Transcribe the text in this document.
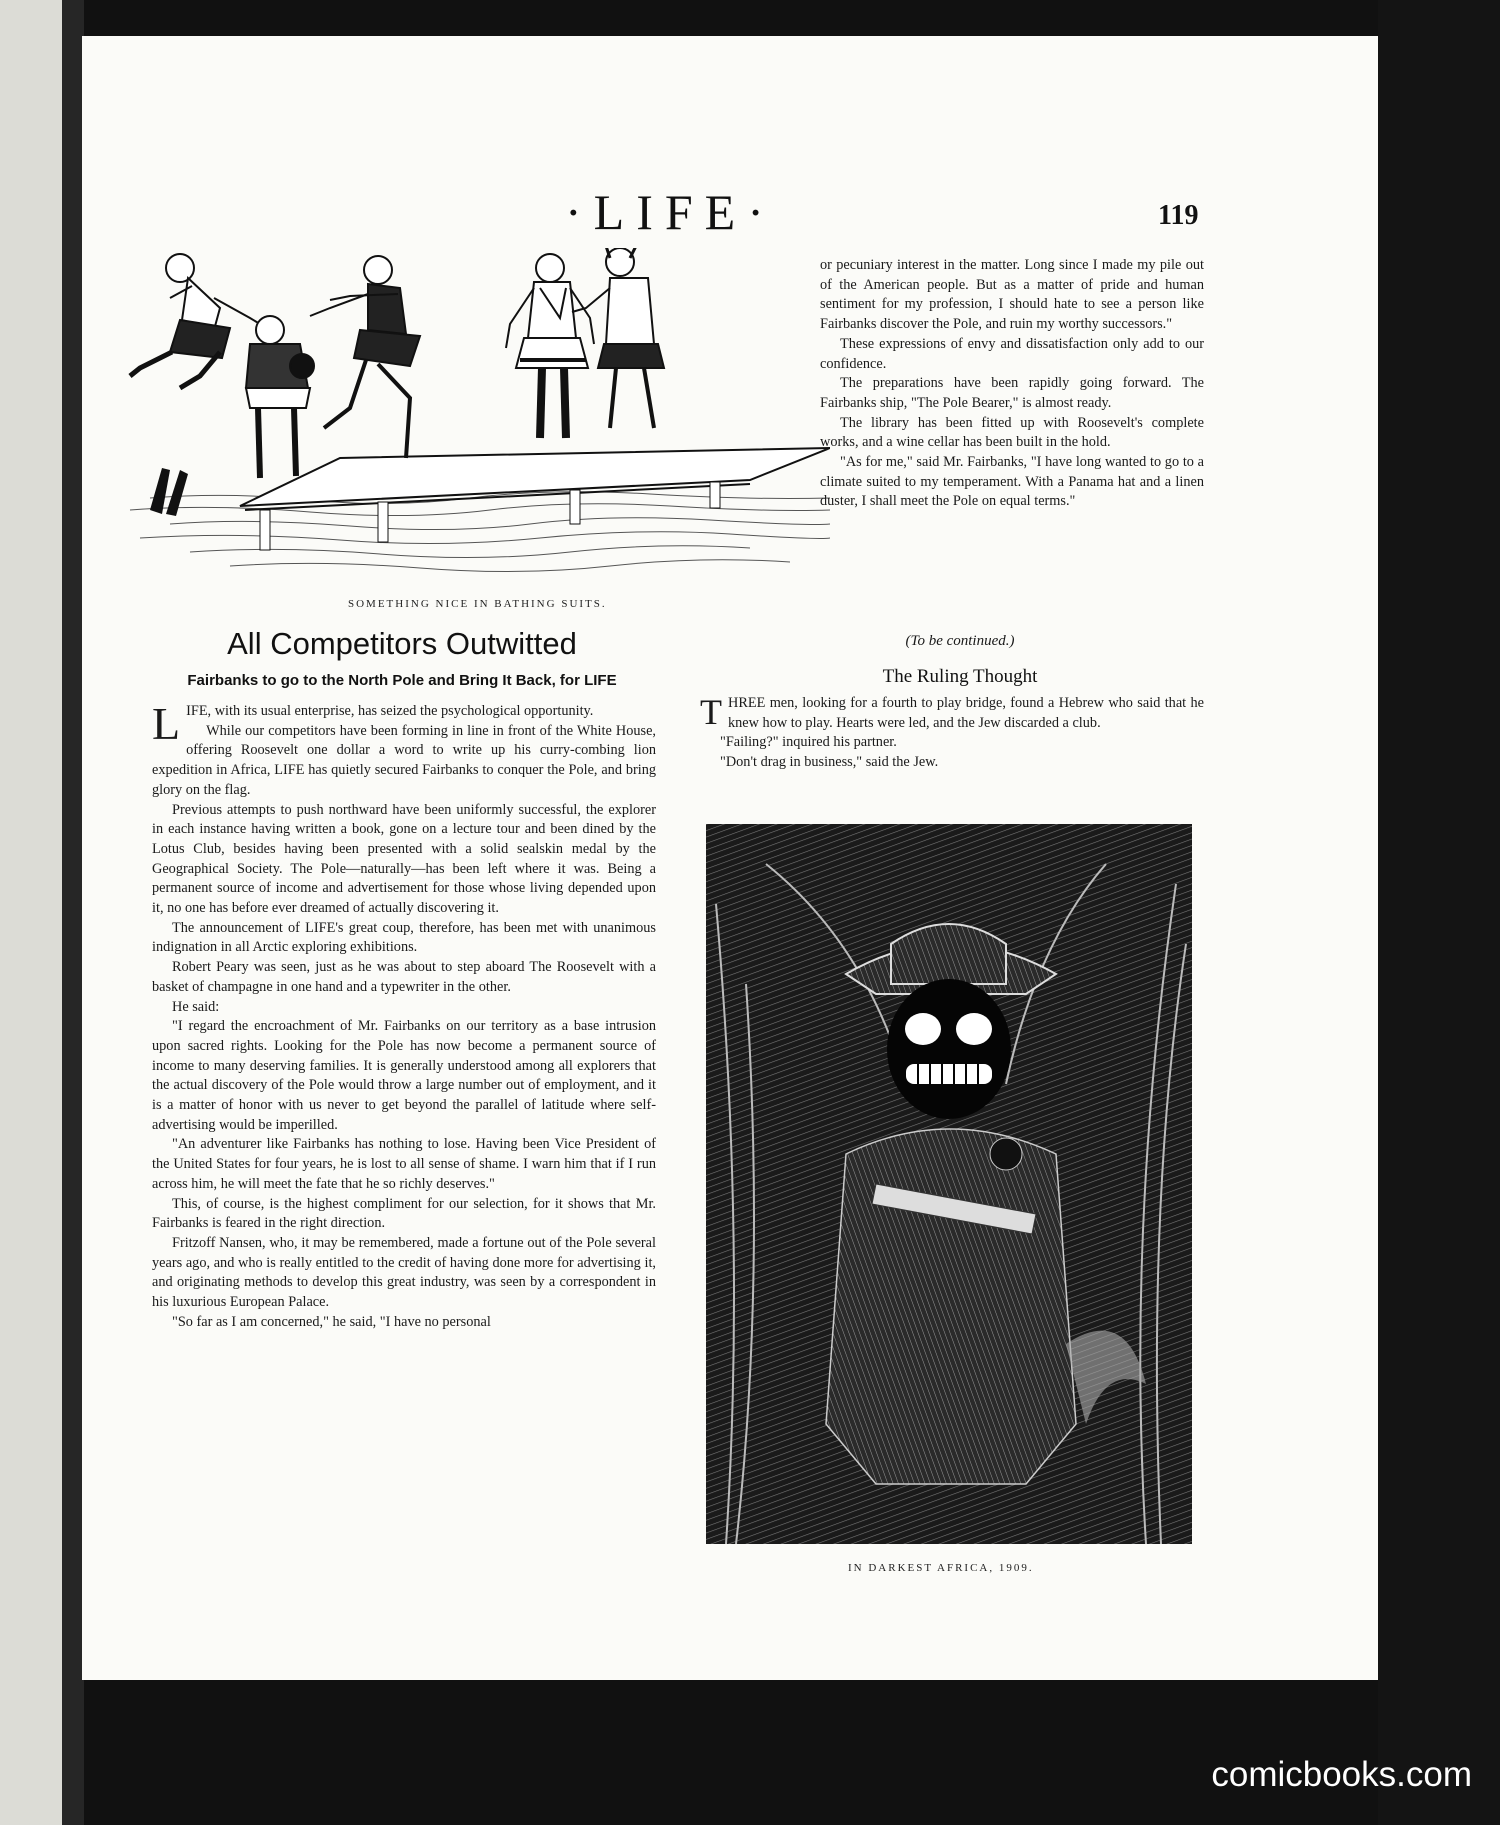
·LIFE·	119
SOMETHING NICE IN BATHING SUITS.
All Competitors Outwitted
Fairbanks to go to the North Pole and Bring It Back, for LIFE

LIFE, with its usual enterprise, has seized the psychological opportunity.

While our competitors have been forming in line in front of the White House, offering Roosevelt one dollar a word to write up his curry-combing lion expedition in Africa, LIFE has quietly secured Fairbanks to conquer the Pole, and bring glory on the flag.

Previous attempts to push northward have been uniformly successful, the explorer in each instance having written a book, gone on a lecture tour and been dined by the Lotus Club, besides having been presented with a solid sealskin medal by the Geographical Society. The Pole—naturally—has been left where it was. Being a permanent source of income and advertisement for those whose living depended upon it, no one has before ever dreamed of actually discovering it.

The announcement of LIFE's great coup, therefore, has been met with unanimous indignation in all Arctic exploring exhibitions.

Robert Peary was seen, just as he was about to step aboard The Roosevelt with a basket of champagne in one hand and a typewriter in the other.

He said:

"I regard the encroachment of Mr. Fairbanks on our territory as a base intrusion upon sacred rights. Looking for the Pole has now become a permanent source of income to many deserving families. It is generally understood among all explorers that the actual discovery of the Pole would throw a large number out of employment, and it is a matter of honor with us never to get beyond the parallel of latitude where self-advertising would be imperilled.

"An adventurer like Fairbanks has nothing to lose. Having been Vice President of the United States for four years, he is lost to all sense of shame. I warn him that if I run across him, he will meet the fate that he so richly deserves."

This, of course, is the highest compliment for our selection, for it shows that Mr. Fairbanks is feared in the right direction.

Fritzoff Nansen, who, it may be remembered, made a fortune out of the Pole several years ago, and who is really entitled to the credit of having done more for advertising it, and originating methods to develop this great industry, was seen by a correspondent in his luxurious European Palace.

"So far as I am concerned," he said, "I have no personal

or pecuniary interest in the matter. Long since I made my pile out of the American people. But as a matter of pride and human sentiment for my profession, I should hate to see a person like Fairbanks discover the Pole, and ruin my worthy successors."

These expressions of envy and dissatisfaction only add to our confidence.

The preparations have been rapidly going forward. The Fairbanks ship, "The Pole Bearer," is almost ready.

The library has been fitted up with Roosevelt's complete works, and a wine cellar has been built in the hold.

"As for me," said Mr. Fairbanks, "I have long wanted to go to a climate suited to my temperament. With a Panama hat and a linen duster, I shall meet the Pole on equal terms."

(To be continued.)
The Ruling Thought

THREE men, looking for a fourth to play bridge, found a Hebrew who said that he knew how to play. Hearts were led, and the Jew discarded a club.

"Failing?" inquired his partner.

"Don't drag in business," said the Jew.

IN DARKEST AFRICA, 1909.
comicbooks.com
